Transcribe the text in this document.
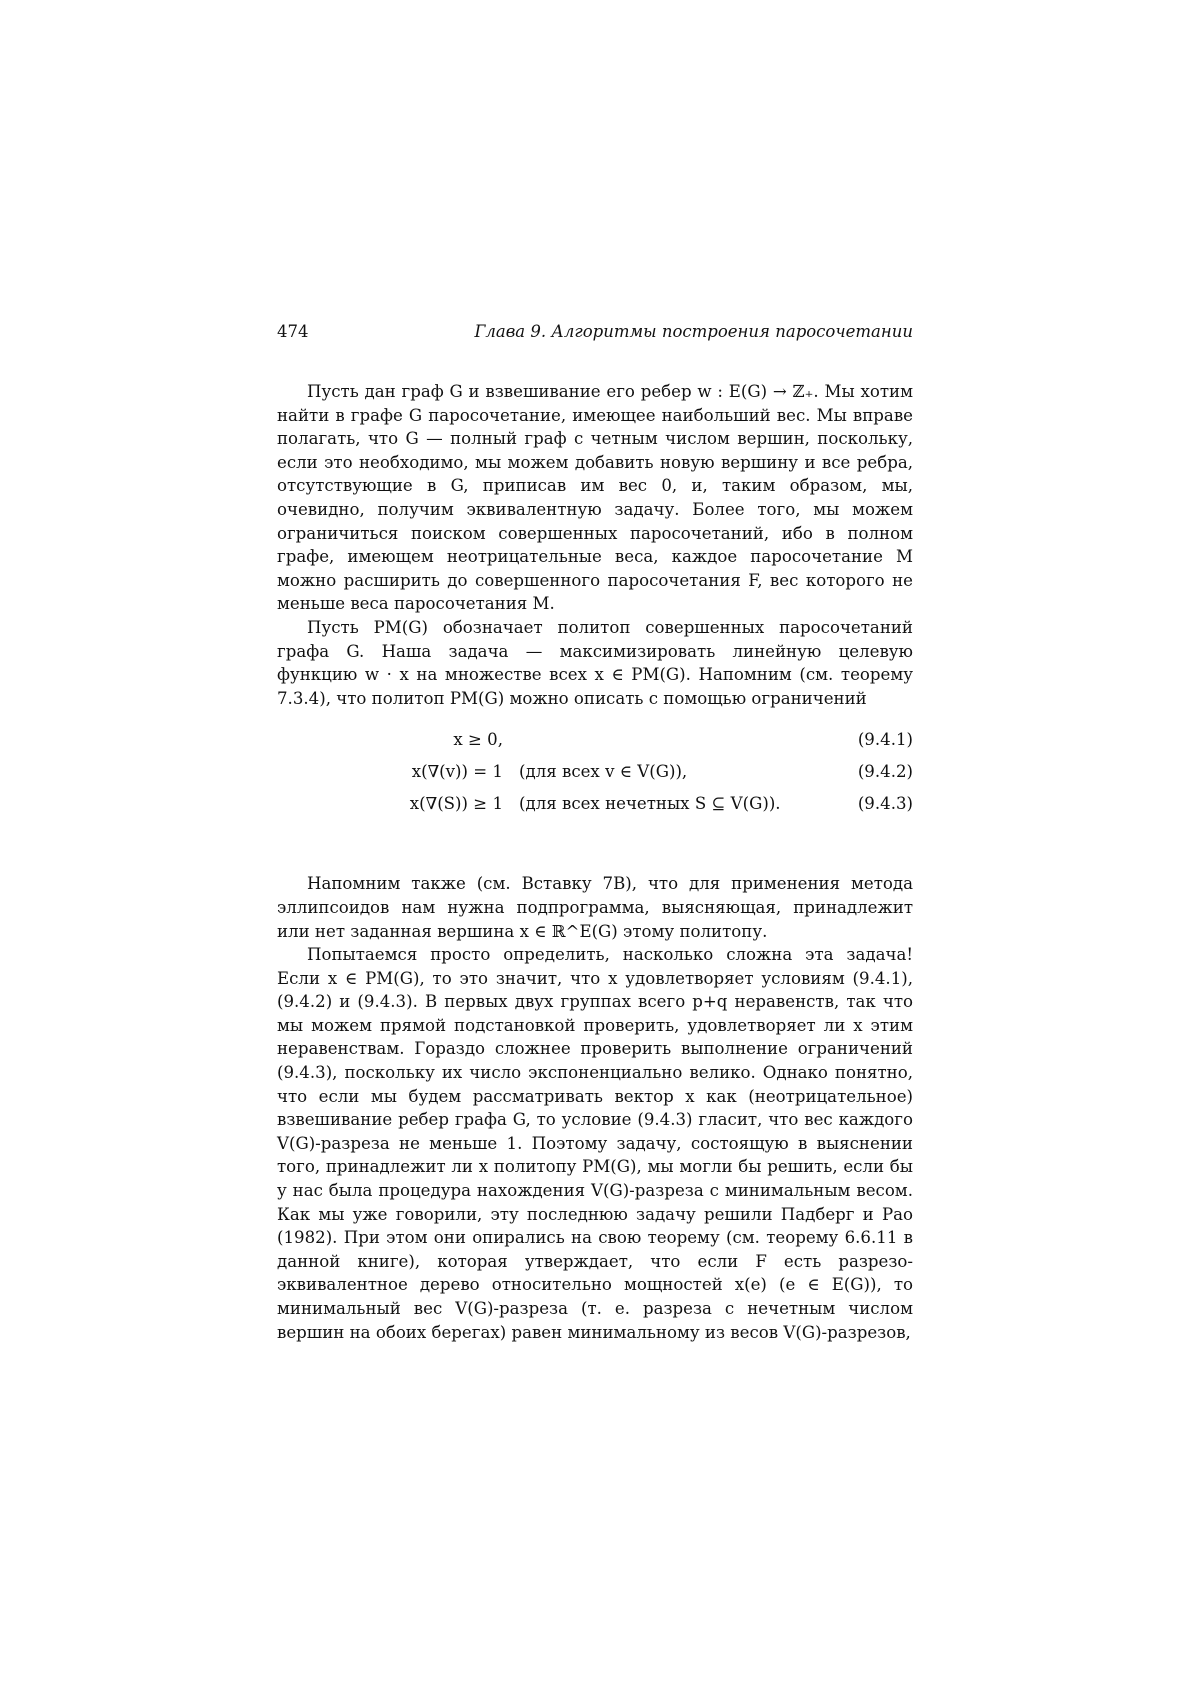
474	Глава 9. Алгоритмы построения паросочетании

Пусть дан граф G и взвешивание его ребер w : E(G) → ℤ₊. Мы хотим найти в графе G паросочетание, имеющее наибольший вес. Мы вправе полагать, что G — полный граф с четным числом вершин, поскольку, если это необходимо, мы можем добавить новую вершину и все ребра, отсутствующие в G, приписав им вес 0, и, таким образом, мы, очевидно, получим эквивалентную задачу. Более того, мы можем ограничиться поиском совершенных паросочетаний, ибо в полном графе, имеющем неотрицательные веса, каждое паросочетание M можно расширить до совершенного паросочетания F, вес которого не меньше веса паросочетания M.

Пусть PM(G) обозначает политоп совершенных паросочетаний графа G. Наша задача — максимизировать линейную целевую функцию w · x на множестве всех x ∈ PM(G). Напомним (см. теорему 7.3.4), что политоп PM(G) можно описать с помощью ограничений

x ≥ 0,	(9.4.1)
x(∇(v)) = 1 (для всех v ∈ V(G)),	(9.4.2)
x(∇(S)) ≥ 1 (для всех нечетных S ⊆ V(G)).	(9.4.3)

Напомним также (см. Вставку 7В), что для применения метода эллипсоидов нам нужна подпрограмма, выясняющая, принадлежит или нет заданная вершина x ∈ ℝ^E(G) этому политопу.

Попытаемся просто определить, насколько сложна эта задача! Если x ∈ PM(G), то это значит, что x удовлетворяет условиям (9.4.1), (9.4.2) и (9.4.3). В первых двух группах всего p+q неравенств, так что мы можем прямой подстановкой проверить, удовлетворяет ли x этим неравенствам. Гораздо сложнее проверить выполнение ограничений (9.4.3), поскольку их число экспоненциально велико. Однако понятно, что если мы будем рассматривать вектор x как (неотрицательное) взвешивание ребер графа G, то условие (9.4.3) гласит, что вес каждого V(G)-разреза не меньше 1. Поэтому задачу, состоящую в выяснении того, принадлежит ли x политопу PM(G), мы могли бы решить, если бы у нас была процедура нахождения V(G)-разреза с минимальным весом. Как мы уже говорили, эту последнюю задачу решили Падберг и Рао (1982). При этом они опирались на свою теорему (см. теорему 6.6.11 в данной книге), которая утверждает, что если F есть разрезо-эквивалентное дерево относительно мощностей x(e) (e ∈ E(G)), то минимальный вес V(G)-разреза (т. е. разреза с нечетным числом вершин на обоих берегах) равен минимальному из весов V(G)-разрезов,
